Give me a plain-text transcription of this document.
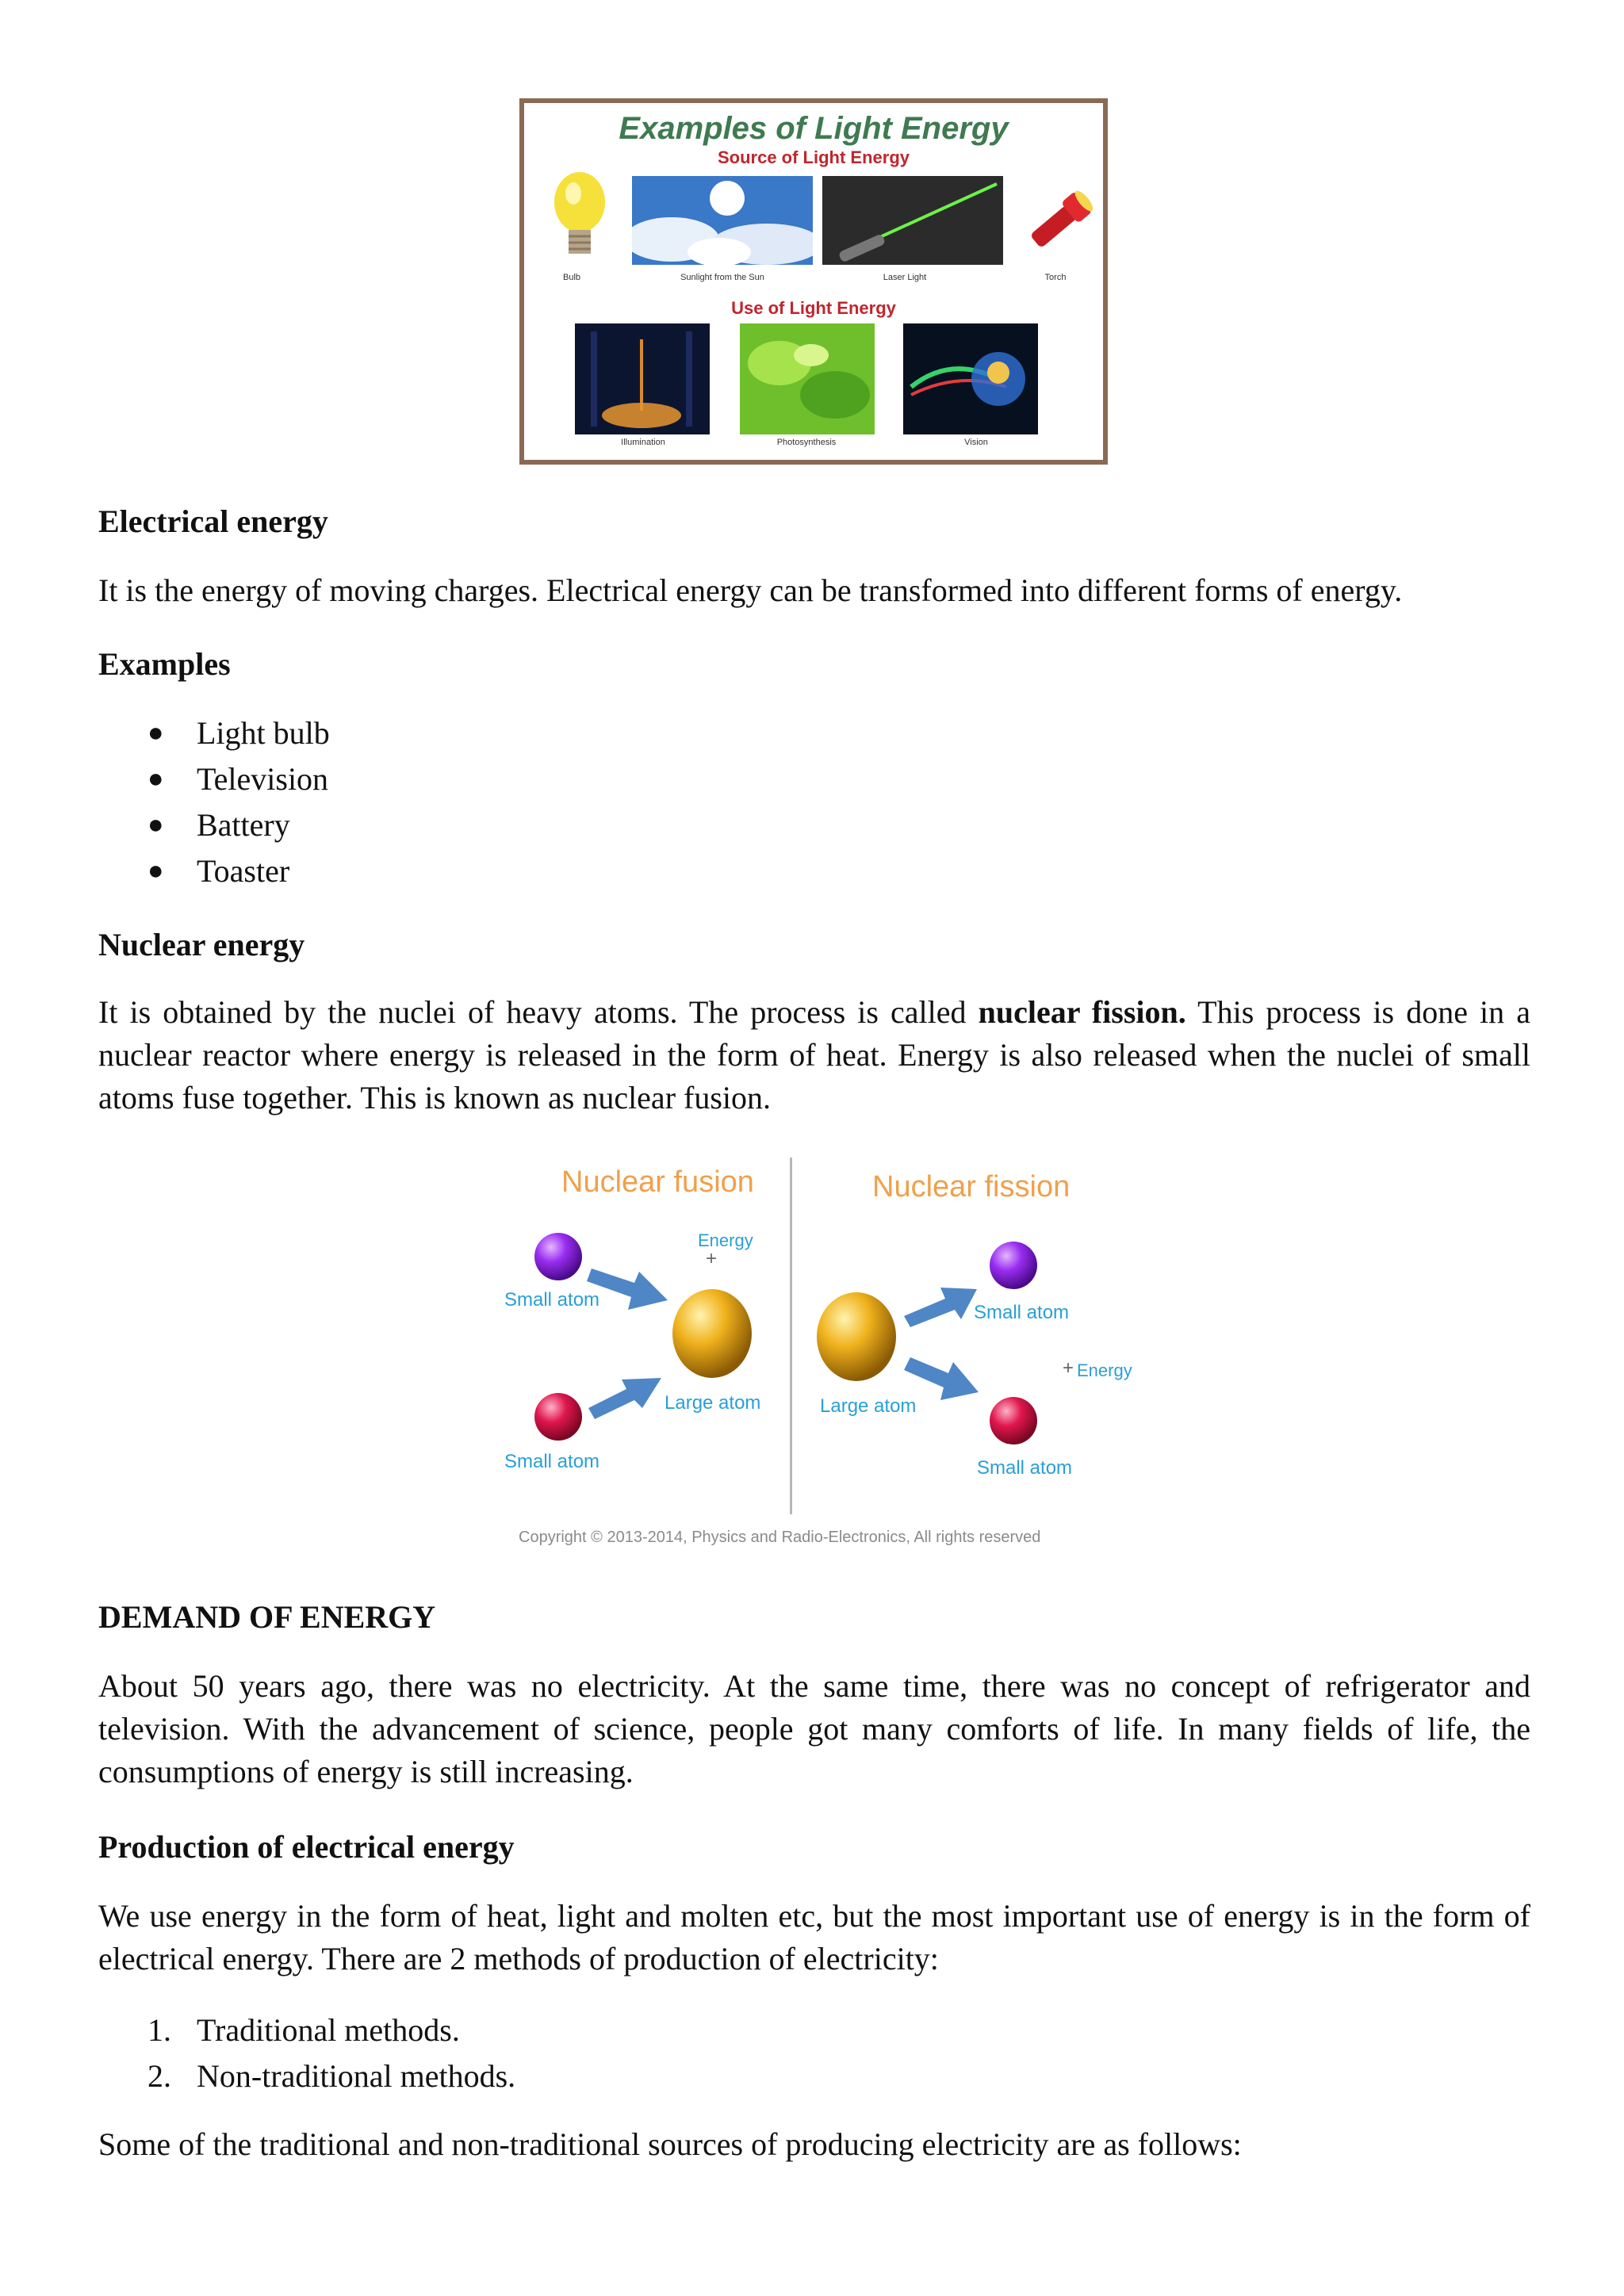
Examples of Light Energy
Source of Light Energy
Bulb	Sunlight from the Sun	Laser Light	Torch
Use of Light Energy
Illumination	Photosynthesis	Vision
Electrical energy

It is the energy of moving charges. Electrical energy can be transformed into different forms of energy.

Examples
●	Light bulb
●	Television
●	Battery
●	Toaster
Nuclear energy

It is obtained by the nuclei of heavy atoms. The process is called nuclear fission. This process is done in a nuclear reactor where energy is released in the form of heat. Energy is also released when the nuclei of small atoms fuse together. This is known as nuclear fusion.

Nuclear fusion	Nuclear fission
Energy
+
Small atom
Small atom
Large atom	Large atom
Small atom
Small atom
+ Energy
Copyright © 2013-2014, Physics and Radio-Electronics, All rights reserved
DEMAND OF ENERGY

About 50 years ago, there was no electricity. At the same time, there was no concept of refrigerator and television. With the advancement of science, people got many comforts of life. In many fields of life, the consumptions of energy is still increasing.

Production of electrical energy

We use energy in the form of heat, light and molten etc, but the most important use of energy is in the form of electrical energy. There are 2 methods of production of electricity:

1. Traditional methods.
2. Non-traditional methods.

Some of the traditional and non-traditional sources of producing electricity are as follows:
